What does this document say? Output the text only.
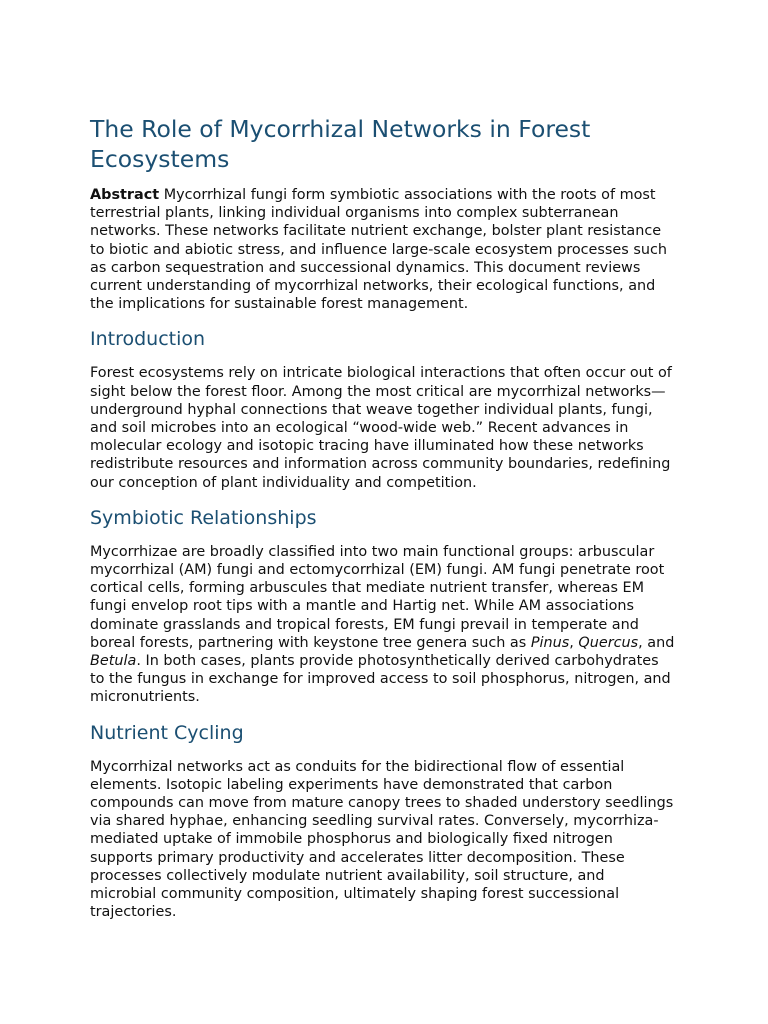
The Role of Mycorrhizal Networks in Forest Ecosystems

Abstract Mycorrhizal fungi form symbiotic associations with the roots of most terrestrial plants, linking individual organisms into complex subterranean networks. These networks facilitate nutrient exchange, bolster plant resistance to biotic and abiotic stress, and influence large-scale ecosystem processes such as carbon sequestration and successional dynamics. This document reviews current understanding of mycorrhizal networks, their ecological functions, and the implications for sustainable forest management.

Introduction

Forest ecosystems rely on intricate biological interactions that often occur out of sight below the forest floor. Among the most critical are mycorrhizal networks—underground hyphal connections that weave together individual plants, fungi, and soil microbes into an ecological “wood-wide web.” Recent advances in molecular ecology and isotopic tracing have illuminated how these networks redistribute resources and information across community boundaries, redefining our conception of plant individuality and competition.

Symbiotic Relationships

Mycorrhizae are broadly classified into two main functional groups: arbuscular mycorrhizal (AM) fungi and ectomycorrhizal (EM) fungi. AM fungi penetrate root cortical cells, forming arbuscules that mediate nutrient transfer, whereas EM fungi envelop root tips with a mantle and Hartig net. While AM associations dominate grasslands and tropical forests, EM fungi prevail in temperate and boreal forests, partnering with keystone tree genera such as Pinus, Quercus, and Betula. In both cases, plants provide photosynthetically derived carbohydrates to the fungus in exchange for improved access to soil phosphorus, nitrogen, and micronutrients.

Nutrient Cycling

Mycorrhizal networks act as conduits for the bidirectional flow of essential elements. Isotopic labeling experiments have demonstrated that carbon compounds can move from mature canopy trees to shaded understory seedlings via shared hyphae, enhancing seedling survival rates. Conversely, mycorrhiza-mediated uptake of immobile phosphorus and biologically fixed nitrogen supports primary productivity and accelerates litter decomposition. These processes collectively modulate nutrient availability, soil structure, and microbial community composition, ultimately shaping forest successional trajectories.
